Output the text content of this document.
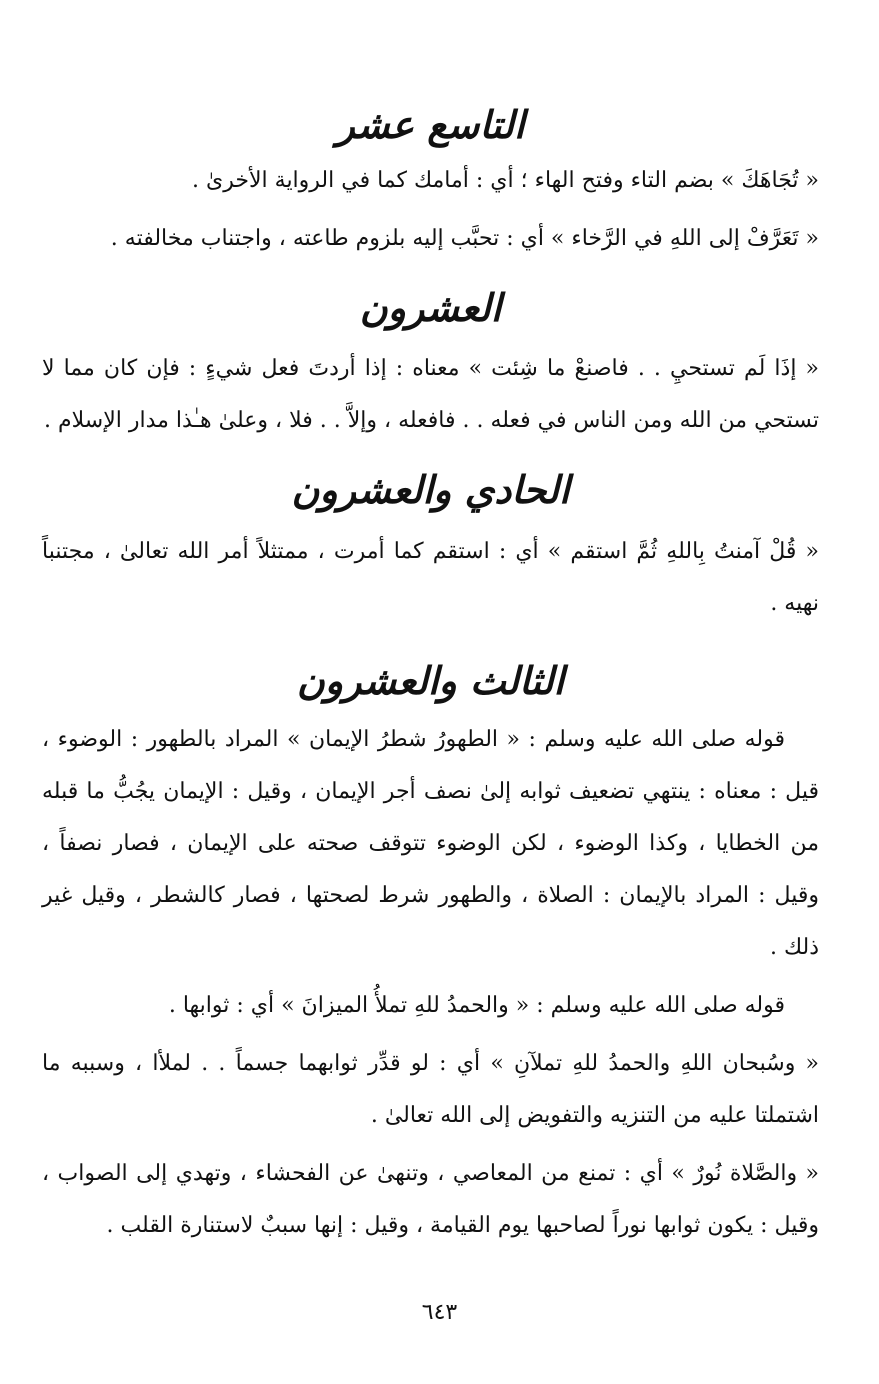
التاسع عشر

« تُجَاهَكَ » بضم التاء وفتح الهاء ؛ أي : أمامك كما في الرواية الأخرىٰ .

« تَعَرَّفْ إلى اللهِ في الرَّخاء » أي : تحبَّب إليه بلزوم طاعته ، واجتناب مخالفته .

العشرون

« إذَا لَم تستحيِ . . فاصنعْ ما شِئت » معناه : إذا أردتَ فعل شيءٍ : فإن كان مما لا تستحي من الله ومن الناس في فعله . . فافعله ، وإلاَّ . . فلا ، وعلىٰ هـٰذا مدار الإسلام .

الحادي والعشرون

« قُلْ آمنتُ بِاللهِ ثُمَّ استقم » أي : استقم كما أمرت ، ممتثلاً أمر الله تعالىٰ ، مجتنباً نهيه .

الثالث والعشرون

قوله صلى الله عليه وسلم : « الطهورُ شطرُ الإيمان » المراد بالطهور : الوضوء ، قيل : معناه : ينتهي تضعيف ثوابه إلىٰ نصف أجر الإيمان ، وقيل : الإيمان يجُبُّ ما قبله من الخطايا ، وكذا الوضوء ، لكن الوضوء تتوقف صحته على الإيمان ، فصار نصفاً ، وقيل : المراد بالإيمان : الصلاة ، والطهور شرط لصحتها ، فصار كالشطر ، وقيل غير ذلك .

قوله صلى الله عليه وسلم : « والحمدُ للهِ تملأُ الميزانَ » أي : ثوابها .

« وسُبحان اللهِ والحمدُ للهِ تملآنِ » أي : لو قدِّر ثوابهما جسماً . . لملأا ، وسببه ما اشتملتا عليه من التنزيه والتفويض إلى الله تعالىٰ .

« والصَّلاة نُورٌ » أي : تمنع من المعاصي ، وتنهىٰ عن الفحشاء ، وتهدي إلى الصواب ، وقيل : يكون ثوابها نوراً لصاحبها يوم القيامة ، وقيل : إنها سببٌ لاستنارة القلب .

٦٤٣
